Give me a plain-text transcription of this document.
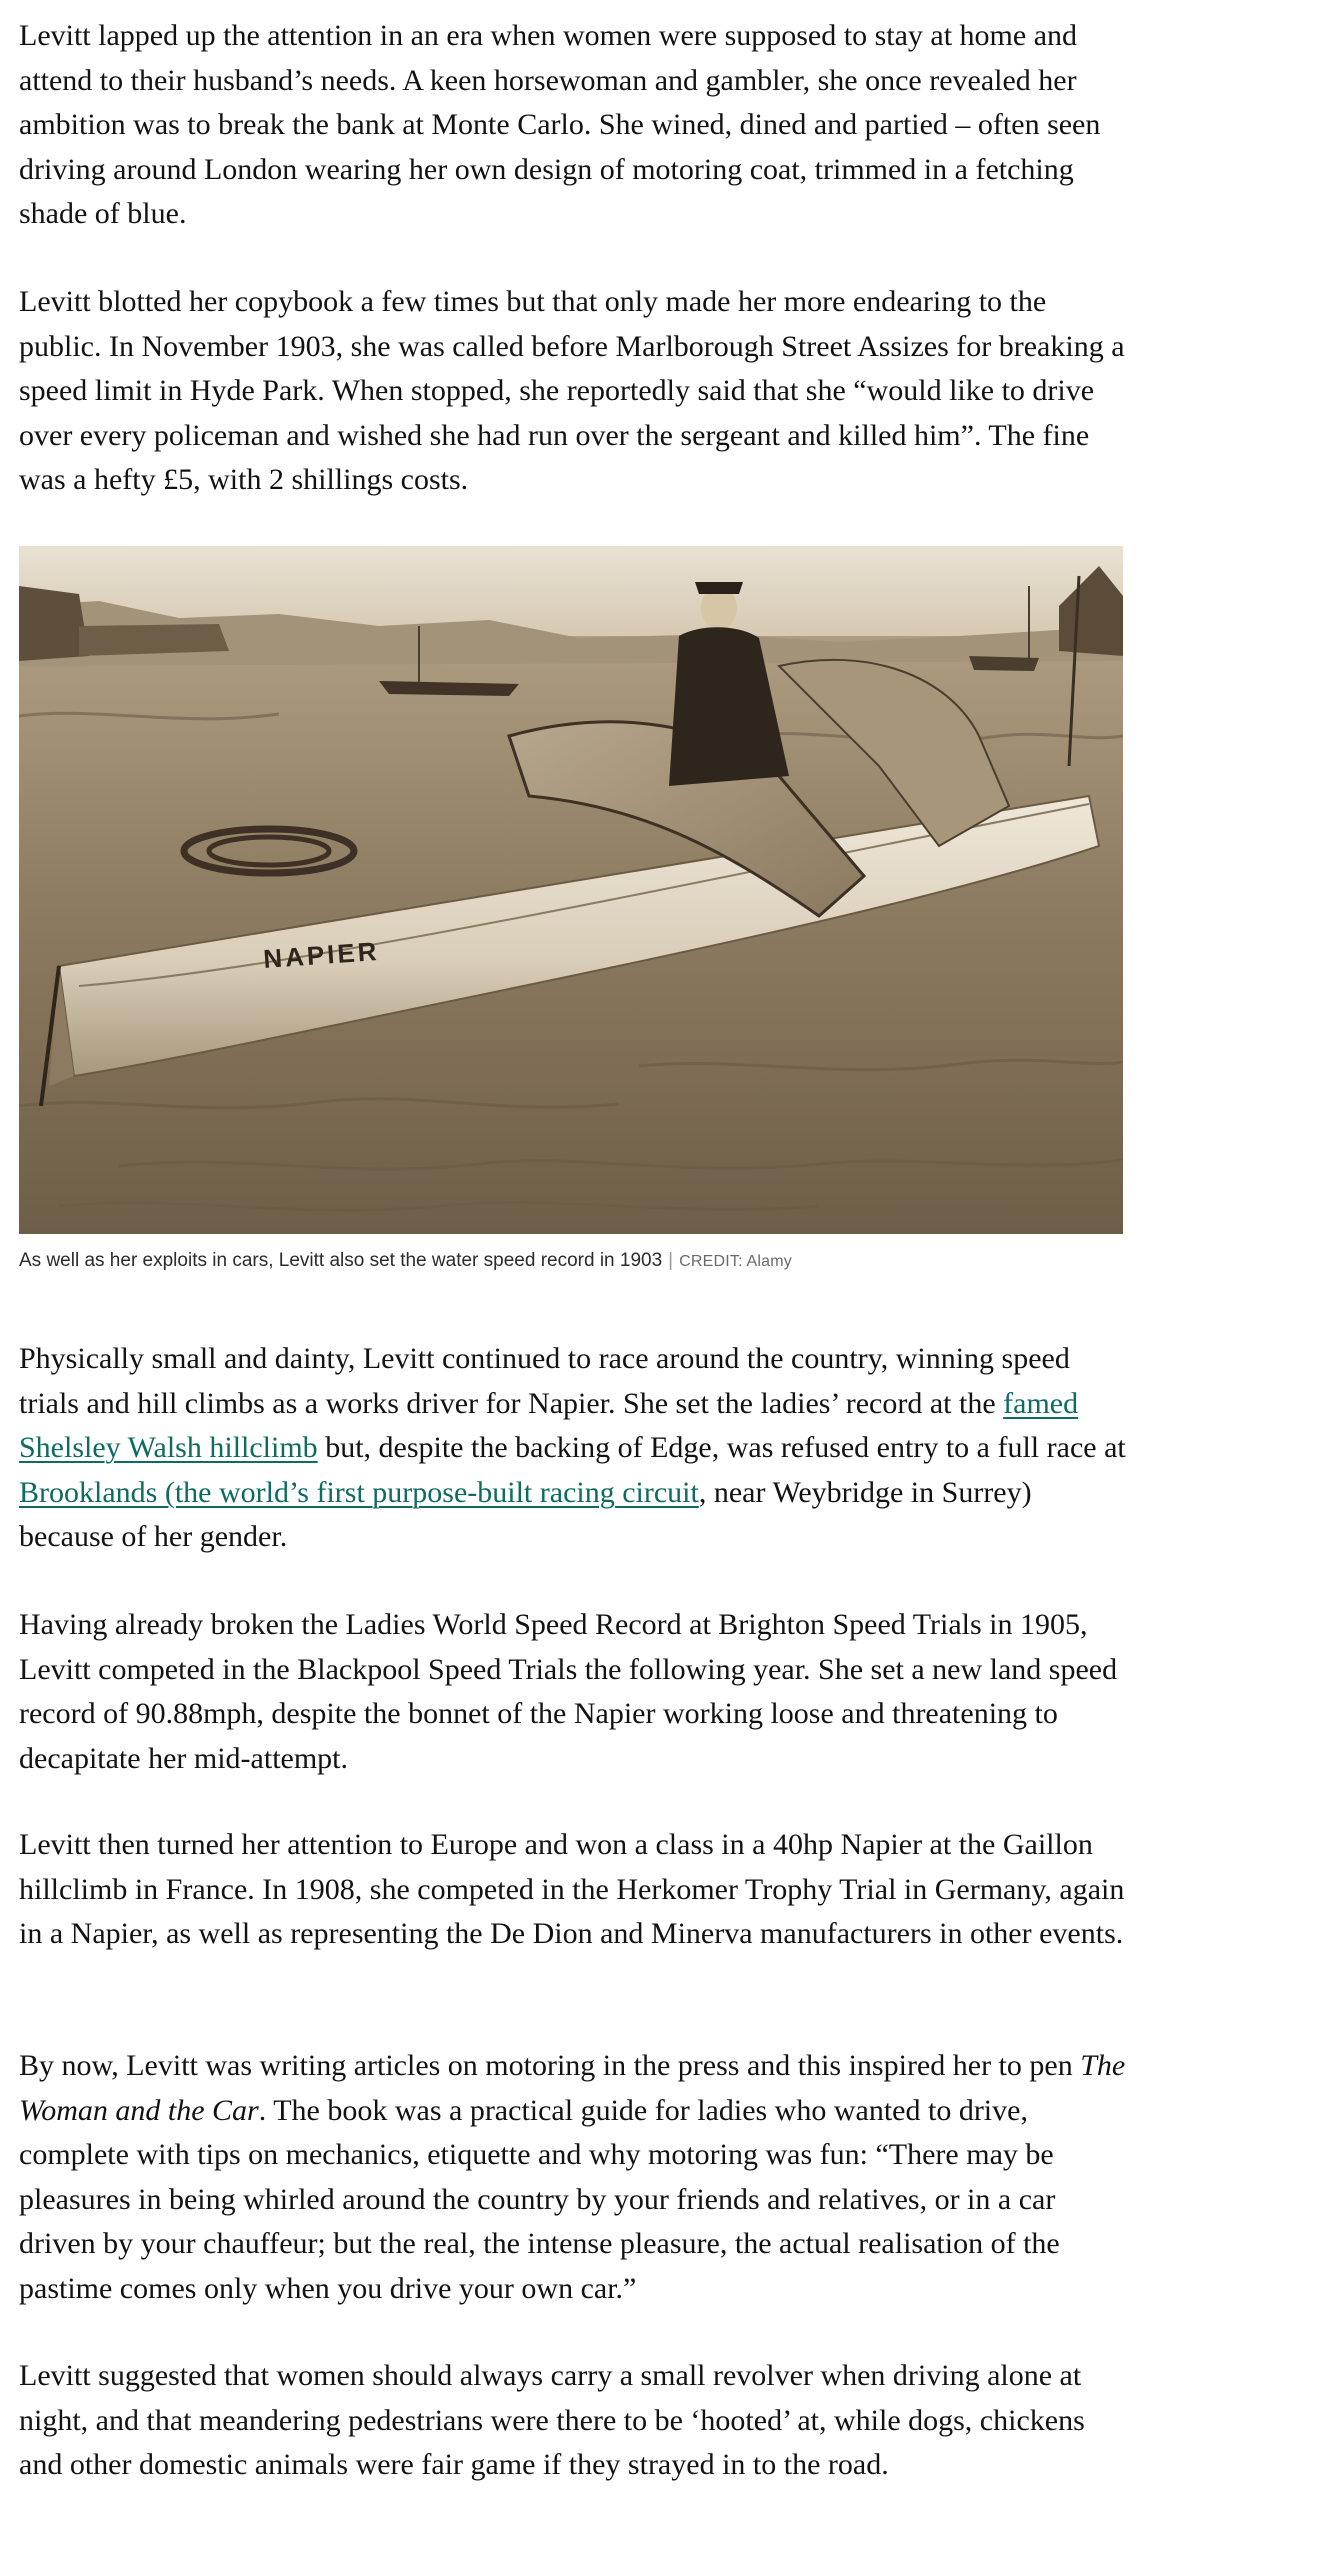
Levitt lapped up the attention in an era when women were supposed to stay at home and attend to their husband’s needs. A keen horsewoman and gambler, she once revealed her ambition was to break the bank at Monte Carlo. She wined, dined and partied – often seen driving around London wearing her own design of motoring coat, trimmed in a fetching shade of blue.

Levitt blotted her copybook a few times but that only made her more endearing to the public. In November 1903, she was called before Marlborough Street Assizes for breaking a speed limit in Hyde Park. When stopped, she reportedly said that she “would like to drive over every policeman and wished she had run over the sergeant and killed him”. The fine was a hefty £5, with 2 shillings costs.

NAPIER
As well as her exploits in cars, Levitt also set the water speed record in 1903 | CREDIT: Alamy

Physically small and dainty, Levitt continued to race around the country, winning speed trials and hill climbs as a works driver for Napier. She set the ladies’ record at the famed Shelsley Walsh hillclimb but, despite the backing of Edge, was refused entry to a full race at Brooklands (the world’s first purpose-built racing circuit, near Weybridge in Surrey) because of her gender.

Having already broken the Ladies World Speed Record at Brighton Speed Trials in 1905, Levitt competed in the Blackpool Speed Trials the following year. She set a new land speed record of 90.88mph, despite the bonnet of the Napier working loose and threatening to decapitate her mid-attempt.

Levitt then turned her attention to Europe and won a class in a 40hp Napier at the Gaillon hillclimb in France. In 1908, she competed in the Herkomer Trophy Trial in Germany, again in a Napier, as well as representing the De Dion and Minerva manufacturers in other events.

By now, Levitt was writing articles on motoring in the press and this inspired her to pen The Woman and the Car. The book was a practical guide for ladies who wanted to drive, complete with tips on mechanics, etiquette and why motoring was fun: “There may be pleasures in being whirled around the country by your friends and relatives, or in a car driven by your chauffeur; but the real, the intense pleasure, the actual realisation of the pastime comes only when you drive your own car.”

Levitt suggested that women should always carry a small revolver when driving alone at night, and that meandering pedestrians were there to be ‘hooted’ at, while dogs, chickens and other domestic animals were fair game if they strayed in to the road.
